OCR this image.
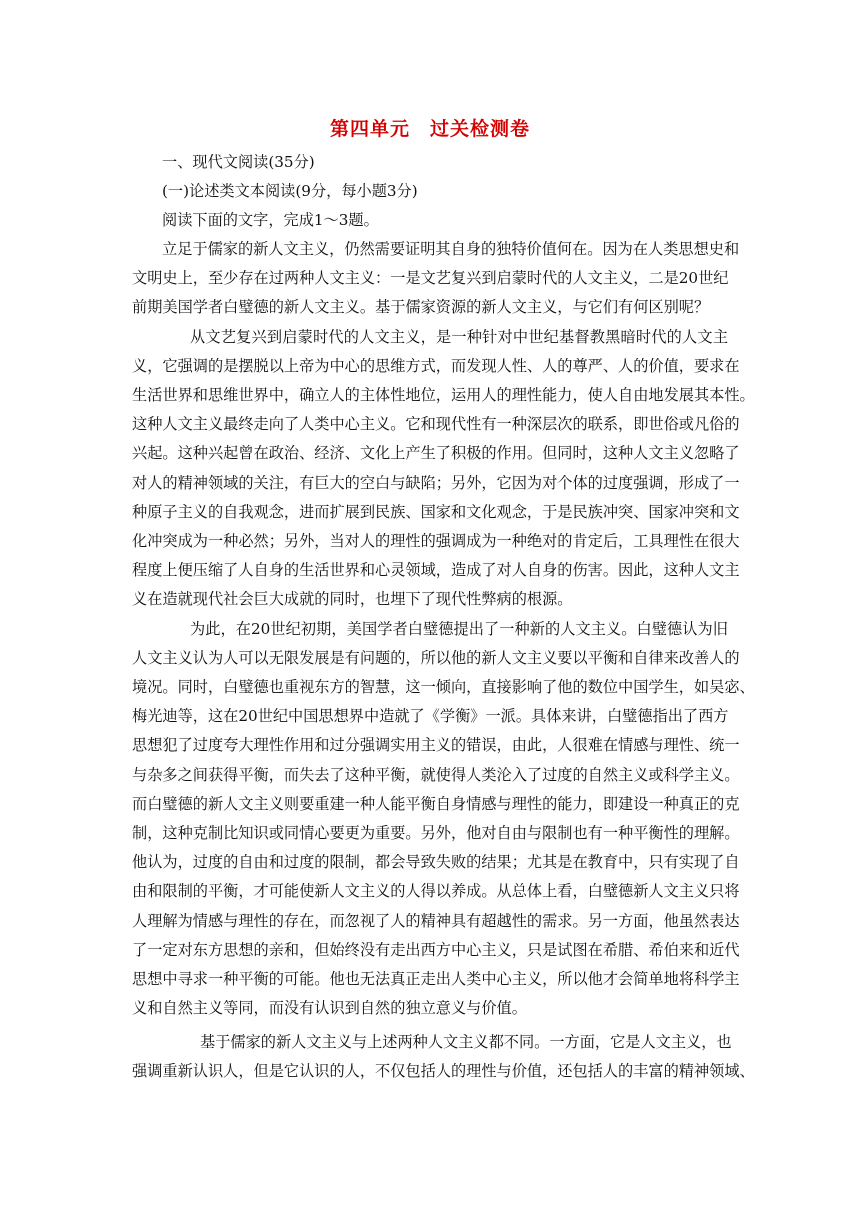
第四单元　过关检测卷
一、现代文阅读(35分)
(一)论述类文本阅读(9分，每小题3分)
阅读下面的文字，完成1～3题。
立足于儒家的新人文主义，仍然需要证明其自身的独特价值何在。因为在人类思想史和
文明史上，至少存在过两种人文主义：一是文艺复兴到启蒙时代的人文主义，二是20世纪
前期美国学者白璧德的新人文主义。基于儒家资源的新人文主义，与它们有何区别呢？
从文艺复兴到启蒙时代的人文主义，是一种针对中世纪基督教黑暗时代的人文主
义，它强调的是摆脱以上帝为中心的思维方式，而发现人性、人的尊严、人的价值，要求在
生活世界和思维世界中，确立人的主体性地位，运用人的理性能力，使人自由地发展其本性。
这种人文主义最终走向了人类中心主义。它和现代性有一种深层次的联系，即世俗或凡俗的
兴起。这种兴起曾在政治、经济、文化上产生了积极的作用。但同时，这种人文主义忽略了
对人的精神领域的关注，有巨大的空白与缺陷；另外，它因为对个体的过度强调，形成了一
种原子主义的自我观念，进而扩展到民族、国家和文化观念，于是民族冲突、国家冲突和文
化冲突成为一种必然；另外，当对人的理性的强调成为一种绝对的肯定后，工具理性在很大
程度上便压缩了人自身的生活世界和心灵领域，造成了对人自身的伤害。因此，这种人文主
义在造就现代社会巨大成就的同时，也埋下了现代性弊病的根源。
为此，在20世纪初期，美国学者白璧德提出了一种新的人文主义。白璧德认为旧
人文主义认为人可以无限发展是有问题的，所以他的新人文主义要以平衡和自律来改善人的
境况。同时，白璧德也重视东方的智慧，这一倾向，直接影响了他的数位中国学生，如吴宓、
梅光迪等，这在20世纪中国思想界中造就了《学衡》一派。具体来讲，白璧德指出了西方
思想犯了过度夸大理性作用和过分强调实用主义的错误，由此，人很难在情感与理性、统一
与杂多之间获得平衡，而失去了这种平衡，就使得人类沦入了过度的自然主义或科学主义。
而白璧德的新人文主义则要重建一种人能平衡自身情感与理性的能力，即建设一种真正的克
制，这种克制比知识或同情心要更为重要。另外，他对自由与限制也有一种平衡性的理解。
他认为，过度的自由和过度的限制，都会导致失败的结果；尤其是在教育中，只有实现了自
由和限制的平衡，才可能使新人文主义的人得以养成。从总体上看，白璧德新人文主义只将
人理解为情感与理性的存在，而忽视了人的精神具有超越性的需求。另一方面，他虽然表达
了一定对东方思想的亲和，但始终没有走出西方中心主义，只是试图在希腊、希伯来和近代
思想中寻求一种平衡的可能。他也无法真正走出人类中心主义，所以他才会简单地将科学主
义和自然主义等同，而没有认识到自然的独立意义与价值。
基于儒家的新人文主义与上述两种人文主义都不同。一方面，它是人文主义，也
强调重新认识人，但是它认识的人，不仅包括人的理性与价值，还包括人的丰富的精神领域、
